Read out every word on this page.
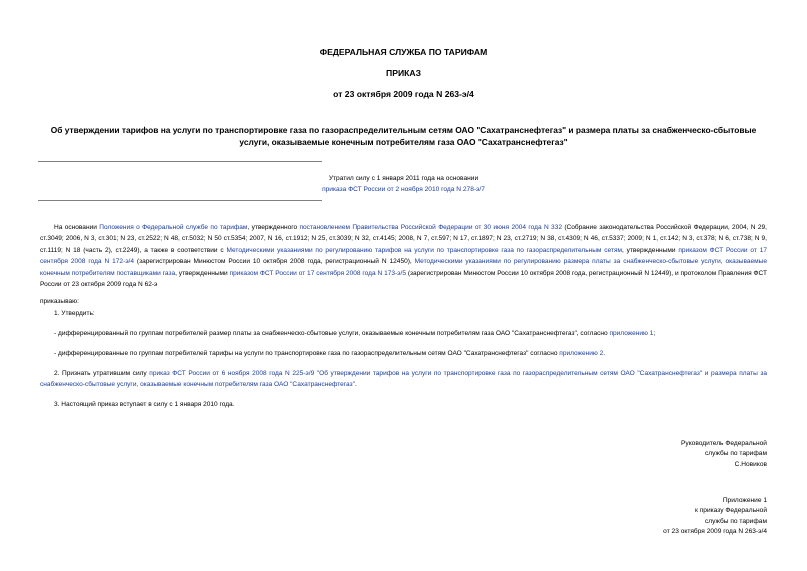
ФЕДЕРАЛЬНАЯ СЛУЖБА ПО ТАРИФАМ
ПРИКАЗ
от 23 октября 2009 года N 263-э/4
Об утверждении тарифов на услуги по транспортировке газа по газораспределительным сетям ОАО "Сахатранснефтегаз" и размера платы за снабженческо-сбытовые услуги, оказываемые конечным потребителям газа ОАО "Сахатранснефтегаз"
Утратил силу с 1 января 2011 года на основании
приказа ФСТ России от 2 ноября 2010 года N 278-э/7
На основании Положения о Федеральной службе по тарифам, утвержденного постановлением Правительства Российской Федерации от 30 июня 2004 года N 332 (Собрание законодательства Российской Федерации, 2004, N 29, ст.3049; 2006, N 3, ст.301; N 23, ст.2522; N 48, ст.5032; N 50 ст.5354; 2007, N 16, ст.1912; N 25, ст.3039; N 32, ст.4145; 2008, N 7, ст.597; N 17, ст.1897; N 23, ст.2719; N 38, ст.4309; N 46, ст.5337; 2009; N 1, ст.142; N 3, ст.378; N 6, ст.738; N 9, ст.1119; N 18 (часть 2), ст.2249), а также в соответствии с Методическими указаниями по регулированию тарифов на услуги по транспортировке газа по газораспределительным сетям, утвержденными приказом ФСТ России от 17 сентября 2008 года N 172-э/4 (зарегистрирован Минюстом России 10 октября 2008 года, регистрационный N 12450), Методическими указаниями по регулированию размера платы за снабженческо-сбытовые услуги, оказываемые конечным потребителям поставщиками газа, утвержденными приказом ФСТ России от 17 сентября 2008 года N 173-э/5 (зарегистрирован Минюстом России 10 октября 2008 года, регистрационный N 12449), и протоколом Правления ФСТ России от 23 октября 2009 года N 62-э
приказываю:
1. Утвердить:
- дифференцированный по группам потребителей размер платы за снабженческо-сбытовые услуги, оказываемые конечным потребителям газа ОАО "Сахатранснефтегаз", согласно приложению 1;
- дифференцированные по группам потребителей тарифы на услуги по транспортировке газа по газораспределительным сетям ОАО "Сахатранснефтегаз" согласно приложению 2.
2. Признать утратившим силу приказ ФСТ России от 6 ноября 2008 года N 225-э/9 "Об утверждении тарифов на услуги по транспортировке газа по газораспределительным сетям ОАО "Сахатранснефтегаз" и размера платы за снабженческо-сбытовые услуги, оказываемые конечным потребителям газа ОАО "Сахатранснефтегаз".
3. Настоящий приказ вступает в силу с 1 января 2010 года.
Руководитель Федеральной
службы по тарифам
С.Новиков
Приложение 1
к приказу Федеральной
службы по тарифам
от 23 октября 2009 года N 263-э/4
